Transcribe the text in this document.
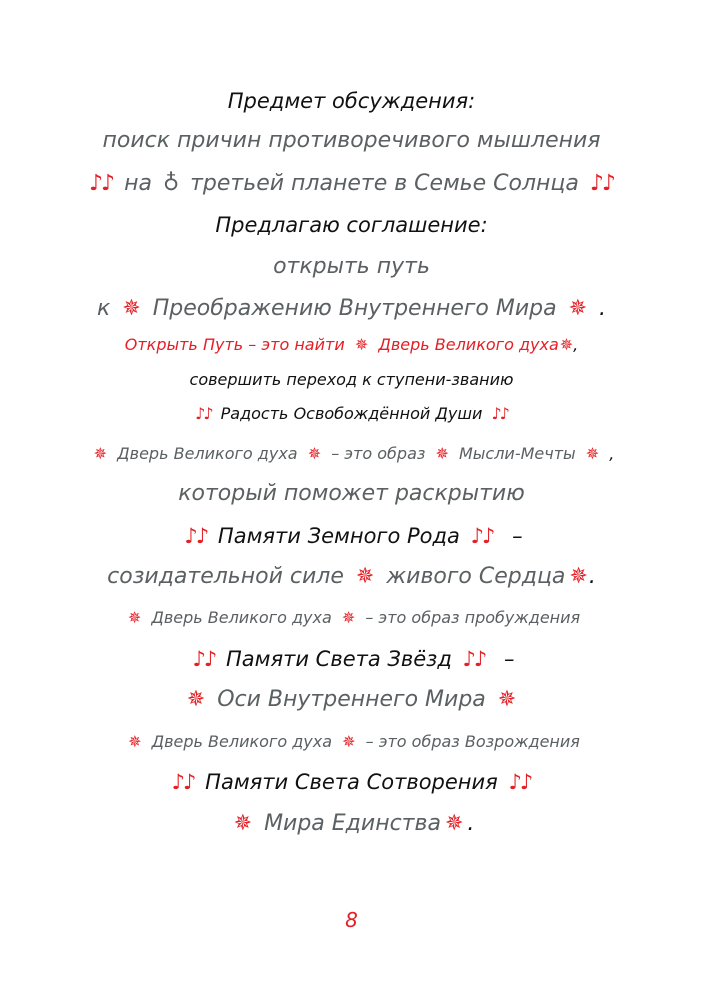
Предмет обсуждения:
поиск причин противоречивого мышления
♪♪ на ♁ третьей планете в Семье Солнца ♪♪
Предлагаю соглашение:
открыть путь
к ✵ Преображению Внутреннего Мира ✵ .
Открыть Путь – это найти ✵ Дверь Великого духа✵,
совершить переход к ступени-званию
♪♪ Радость Освобождённой Души ♪♪
✵ Дверь Великого духа ✵ – это образ ✵ Мысли-Мечты ✵ ,
который поможет раскрытию
♪♪ Памяти Земного Рода ♪♪ –
созидательной силе ✵ живого Сердца ✵.
✵ Дверь Великого духа ✵ – это образ пробуждения
♪♪ Памяти Света Звёзд ♪♪ –
✵ Оси Внутреннего Мира ✵
✵ Дверь Великого духа ✵ – это образ Возрождения
♪♪ Памяти Света Сотворения ♪♪
✵ Мира Единства ✵ .
8
